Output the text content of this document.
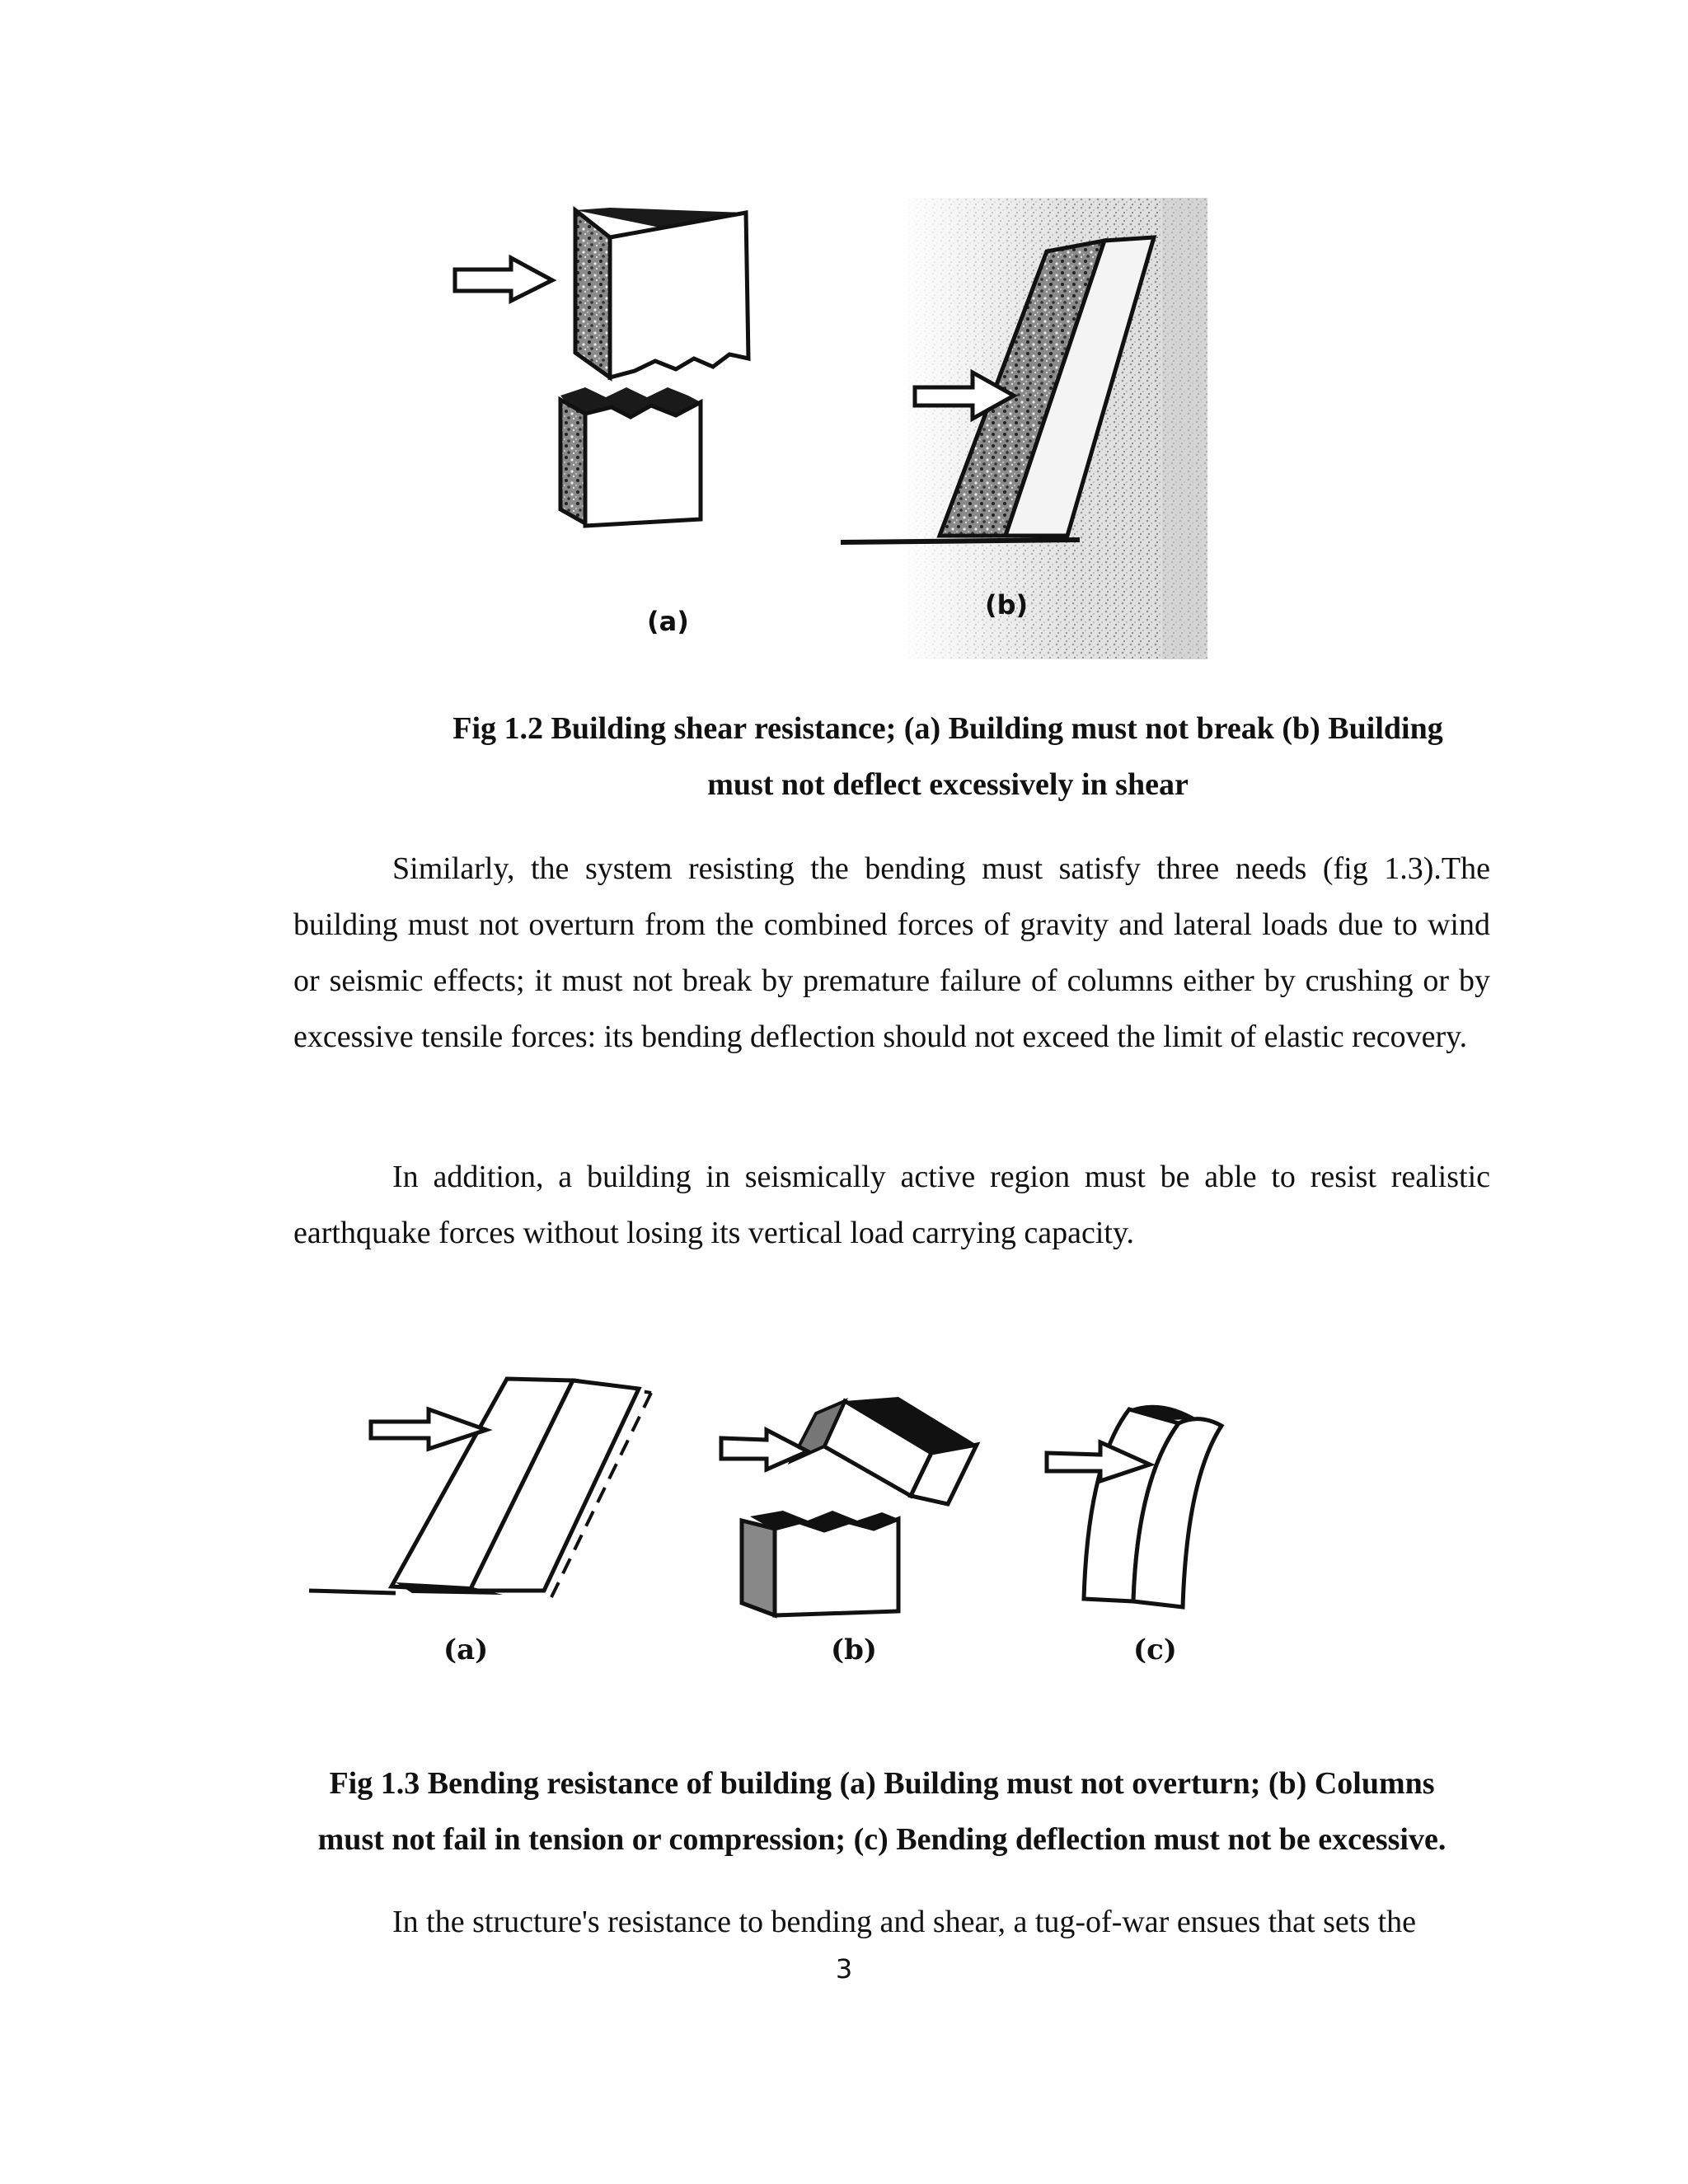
(a)
(b)
Fig 1.2 Building shear resistance; (a) Building must not break (b) Building
must not deflect excessively in shear
Similarly, the system resisting the bending must satisfy three needs (fig 1.3).The building must not overturn from the combined forces of gravity and lateral loads due to wind or seismic effects; it must not break by premature failure of columns either by crushing or by excessive tensile forces: its bending deflection should not exceed the limit of elastic recovery.
In addition, a building in seismically active region must be able to resist realistic earthquake forces without losing its vertical load carrying capacity.
(a)	(b)	(c)
Fig 1.3 Bending resistance of building (a) Building must not overturn; (b) Columns
must not fail in tension or compression; (c) Bending deflection must not be excessive.
In the structure's resistance to bending and shear, a tug-of-war ensues that sets the
3
